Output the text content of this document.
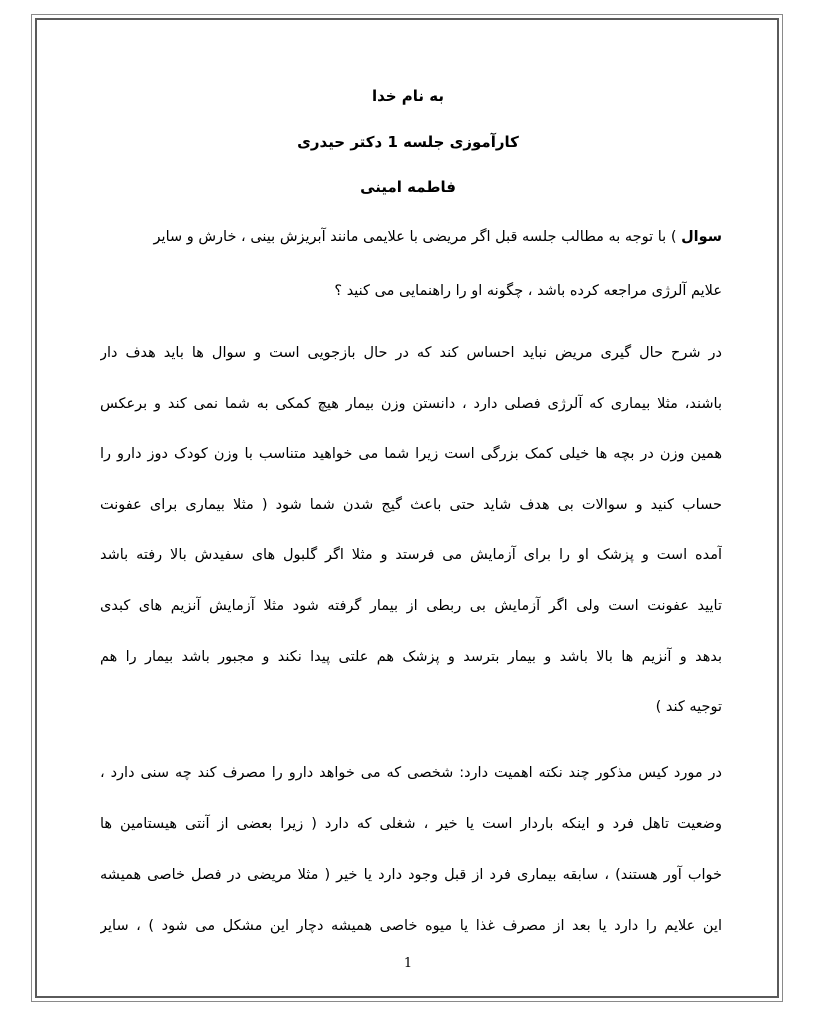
به نام خدا
کارآموزی جلسه 1 دکتر حیدری
فاطمه امینی
سوال ) با توجه به مطالب جلسه قبل اگر مریضی با علایمی مانند آبریزش بینی ، خارش و سایر
علایم آلرژی مراجعه کرده باشد ، چگونه او را راهنمایی می کنید ؟
در شرح حال گیری مریض نباید احساس کند که در حال بازجویی است و سوال ها باید هدف دار
باشند، مثلا بیماری که آلرژی فصلی دارد ، دانستن وزن بیمار هیچ کمکی به شما نمی کند و برعکس
همین وزن در بچه ها خیلی کمک بزرگی است زیرا شما می خواهید متناسب با وزن کودک دوز دارو را
حساب کنید و سوالات بی هدف شاید حتی باعث گیج شدن شما شود ( مثلا بیماری برای عفونت
آمده است و پزشک او را برای آزمایش می فرستد و مثلا اگر گلبول های سفیدش بالا رفته باشد
تایید عفونت است ولی اگر آزمایش بی ربطی از بیمار گرفته شود مثلا آزمایش آنزیم های کبدی
بدهد و آنزیم ها بالا باشد و بیمار بترسد و پزشک هم علتی پیدا نکند و مجبور باشد بیمار را هم
توجیه کند )
در مورد کیس مذکور چند نکته اهمیت دارد: شخصی که می خواهد دارو را مصرف کند چه سنی دارد ،
وضعیت تاهل فرد و اینکه باردار است یا خیر ، شغلی که دارد ( زیرا بعضی از آنتی هیستامین ها
خواب آور هستند) ، سابقه بیماری فرد از قبل وجود دارد یا خیر ( مثلا مریضی در فصل خاصی همیشه
این علایم را دارد یا بعد از مصرف غذا یا میوه خاصی همیشه دچار این مشکل می شود ) ، سایر
1
